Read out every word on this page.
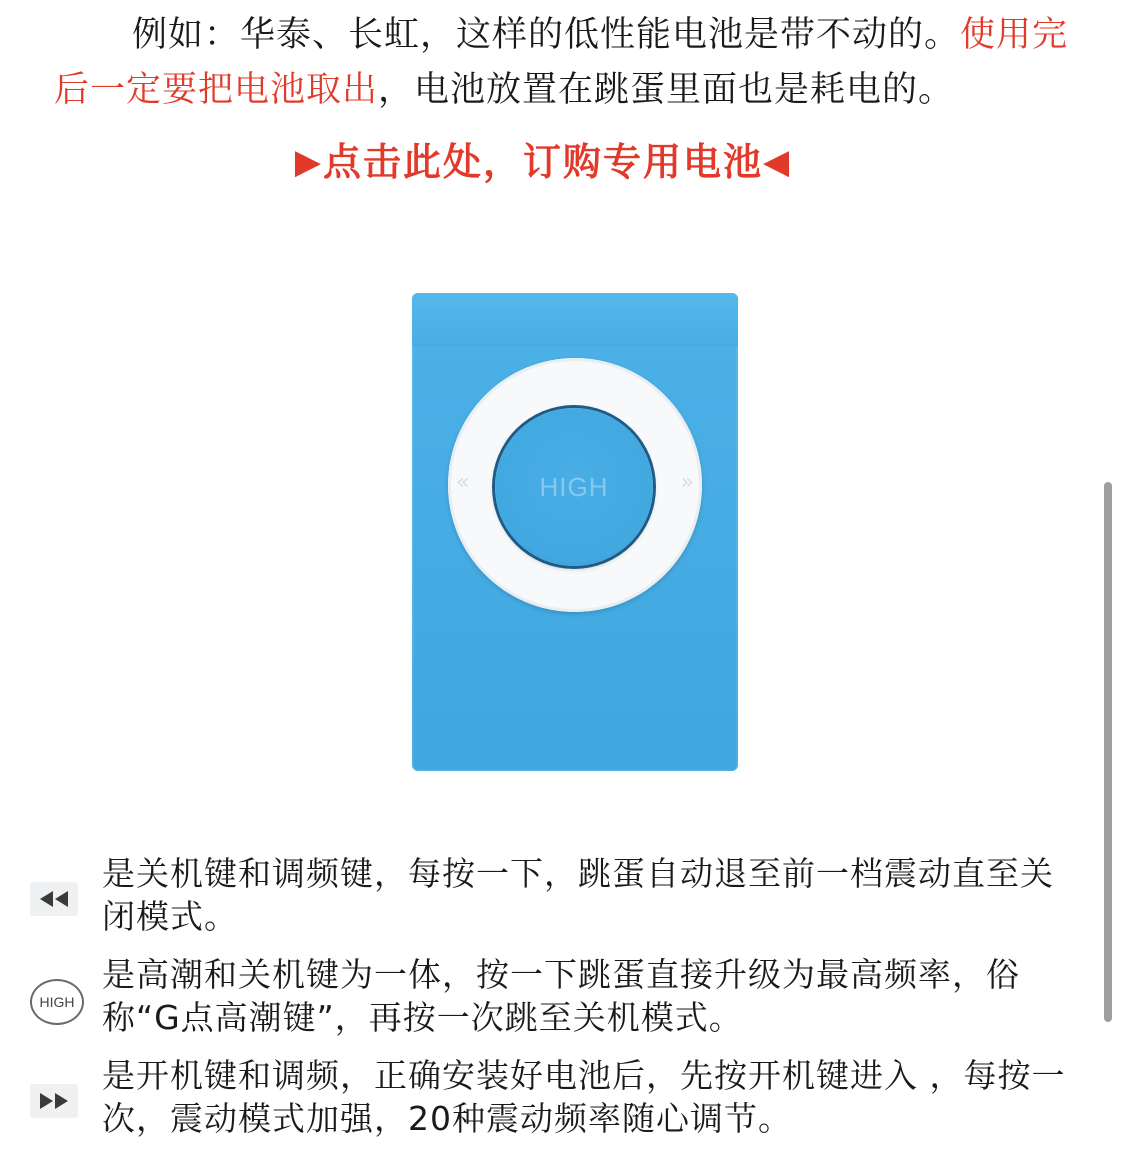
例如：华泰、长虹，这样的低性能电池是带不动的。使用完后一定要把电池取出，电池放置在跳蛋里面也是耗电的。

▶点击此处，订购专用电池◀
«	HIGH	»
是关机键和调频键，每按一下，跳蛋自动退至前一档震动直至关闭模式。
HIGH
是高潮和关机键为一体，按一下跳蛋直接升级为最高频率，俗称“G点高潮键”，再按一次跳至关机模式。
是开机键和调频，正确安装好电池后，先按开机键进入 ，每按一次，震动模式加强，20种震动频率随心调节。
